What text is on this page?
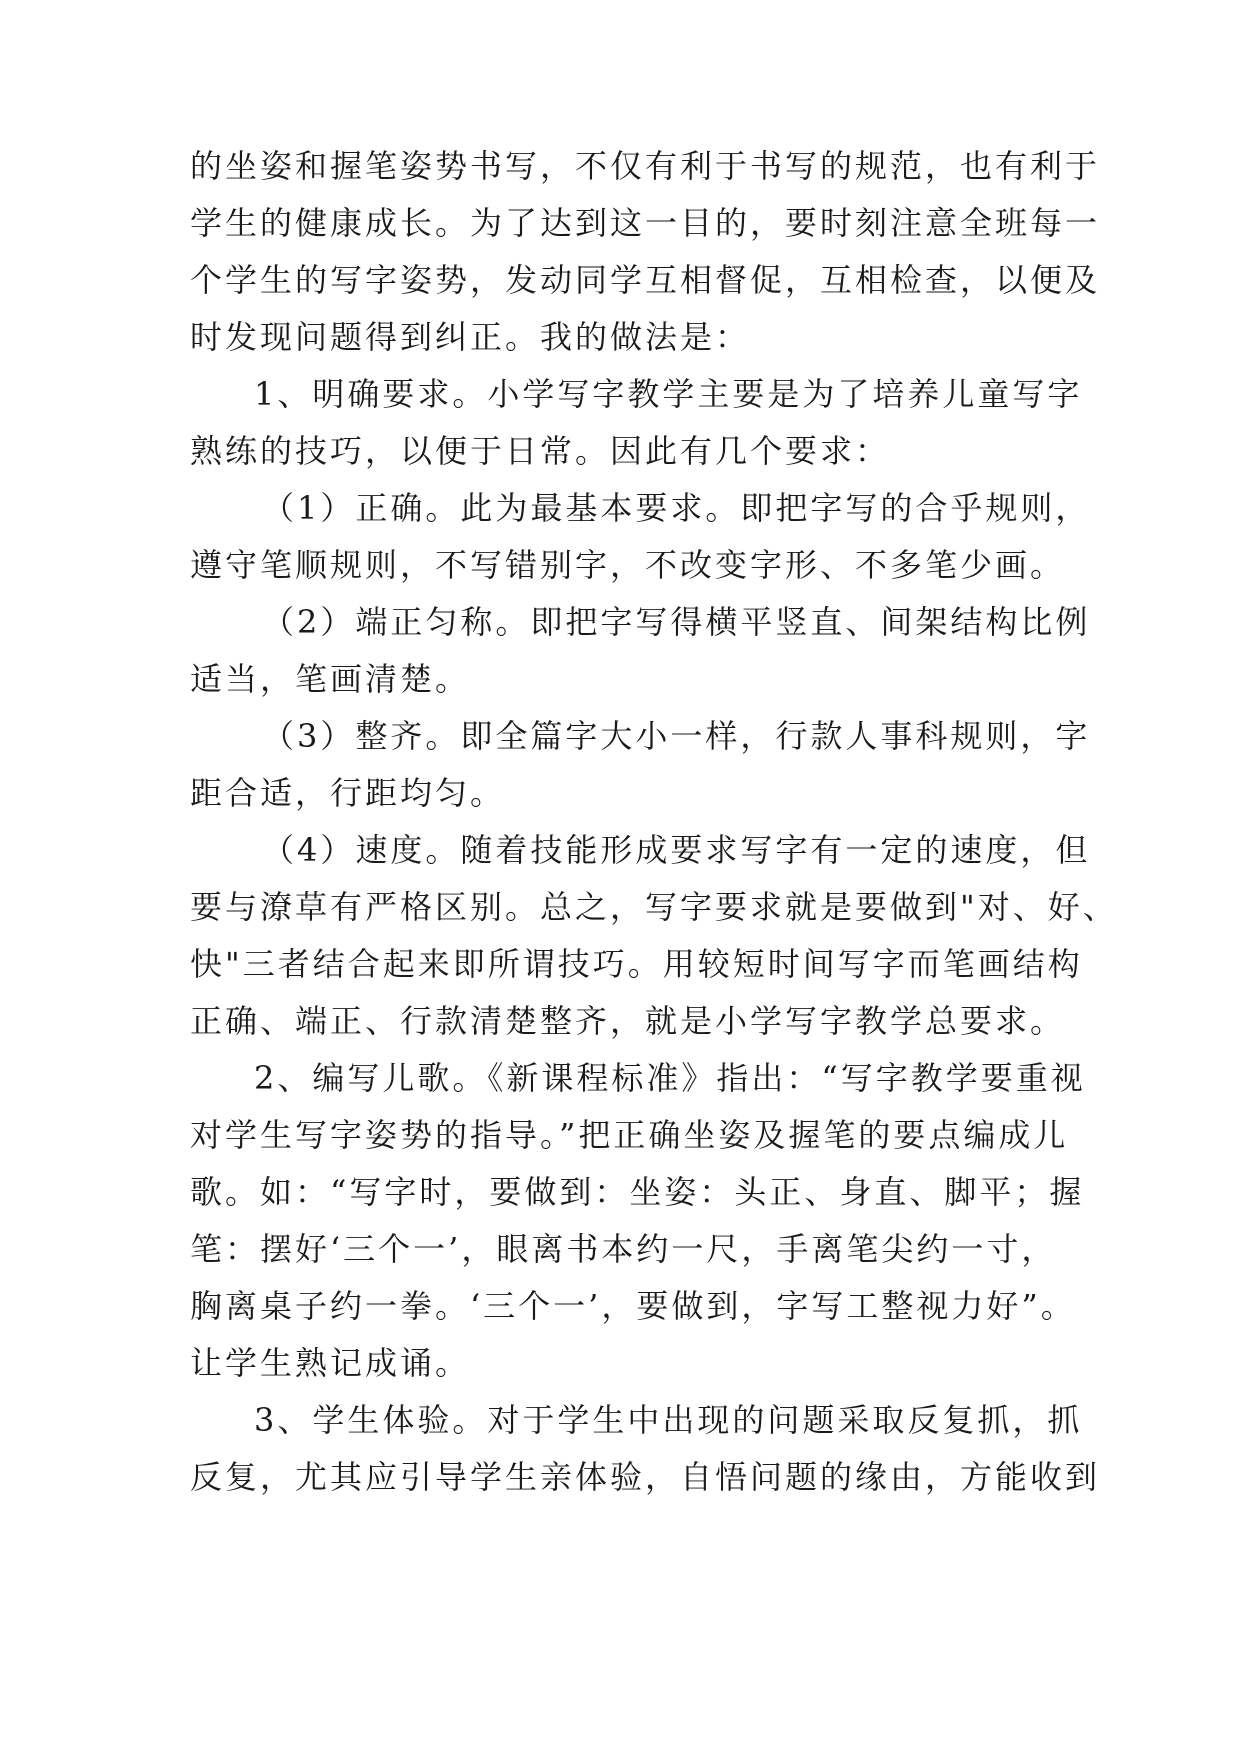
的坐姿和握笔姿势书写，不仅有利于书写的规范，也有利于
学生的健康成长。为了达到这一目的，要时刻注意全班每一
个学生的写字姿势，发动同学互相督促，互相检查，以便及
时发现问题得到纠正。我的做法是：
1、明确要求。小学写字教学主要是为了培养儿童写字
熟练的技巧，以便于日常。因此有几个要求：
（1）正确。此为最基本要求。即把字写的合乎规则，
遵守笔顺规则，不写错别字，不改变字形、不多笔少画。
（2）端正匀称。即把字写得横平竖直、间架结构比例
适当，笔画清楚。
（3）整齐。即全篇字大小一样，行款人事科规则，字
距合适，行距均匀。
（4）速度。随着技能形成要求写字有一定的速度，但
要与潦草有严格区别。总之，写字要求就是要做到"对、好、
快"三者结合起来即所谓技巧。用较短时间写字而笔画结构
正确、端正、行款清楚整齐，就是小学写字教学总要求。
2、编写儿歌。《新课程标准》指出：“写字教学要重视
对学生写字姿势的指导。”把正确坐姿及握笔的要点编成儿
歌。如：“写字时，要做到：坐姿：头正、身直、脚平；握
笔：摆好‘三个一’，眼离书本约一尺，手离笔尖约一寸，
胸离桌子约一拳。‘三个一’，要做到，字写工整视力好”。
让学生熟记成诵。
3、学生体验。对于学生中出现的问题采取反复抓，抓
反复，尤其应引导学生亲体验，自悟问题的缘由，方能收到
